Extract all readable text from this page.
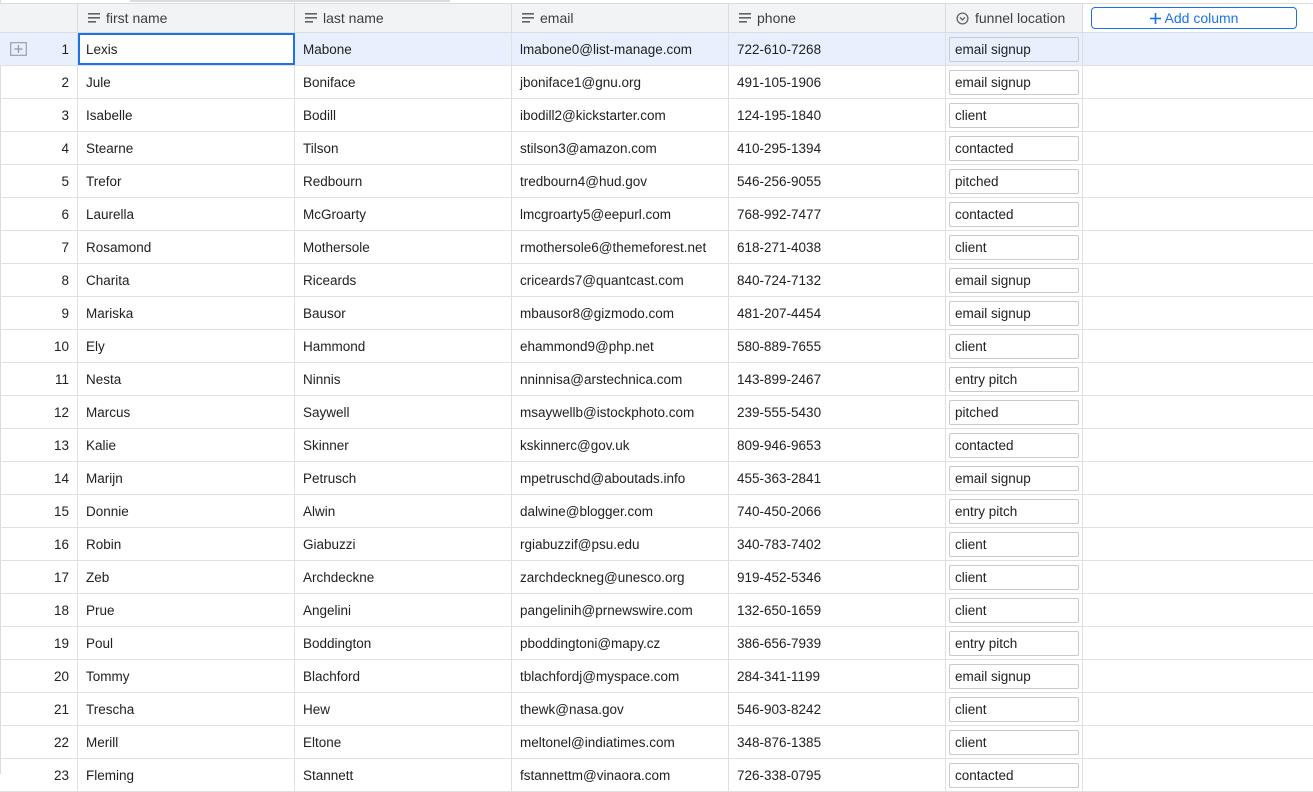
first name	last name	email	phone	funnel location	Add column
1	Lexis	Mabone	lmabone0@list-manage.com	722-610-7268	email signup
2	Jule	Boniface	jboniface1@gnu.org	491-105-1906	email signup
3	Isabelle	Bodill	ibodill2@kickstarter.com	124-195-1840	client
4	Stearne	Tilson	stilson3@amazon.com	410-295-1394	contacted
5	Trefor	Redbourn	tredbourn4@hud.gov	546-256-9055	pitched
6	Laurella	McGroarty	lmcgroarty5@eepurl.com	768-992-7477	contacted
7	Rosamond	Mothersole	rmothersole6@themeforest.net	618-271-4038	client
8	Charita	Riceards	criceards7@quantcast.com	840-724-7132	email signup
9	Mariska	Bausor	mbausor8@gizmodo.com	481-207-4454	email signup
10	Ely	Hammond	ehammond9@php.net	580-889-7655	client
11	Nesta	Ninnis	nninnisa@arstechnica.com	143-899-2467	entry pitch
12	Marcus	Saywell	msaywellb@istockphoto.com	239-555-5430	pitched
13	Kalie	Skinner	kskinnerc@gov.uk	809-946-9653	contacted
14	Marijn	Petrusch	mpetruschd@aboutads.info	455-363-2841	email signup
15	Donnie	Alwin	dalwine@blogger.com	740-450-2066	entry pitch
16	Robin	Giabuzzi	rgiabuzzif@psu.edu	340-783-7402	client
17	Zeb	Archdeckne	zarchdeckneg@unesco.org	919-452-5346	client
18	Prue	Angelini	pangelinih@prnewswire.com	132-650-1659	client
19	Poul	Boddington	pboddingtoni@mapy.cz	386-656-7939	entry pitch
20	Tommy	Blachford	tblachfordj@myspace.com	284-341-1199	email signup
21	Trescha	Hew	thewk@nasa.gov	546-903-8242	client
22	Merill	Eltone	meltonel@indiatimes.com	348-876-1385	client
23	Fleming	Stannett	fstannettm@vinaora.com	726-338-0795	contacted
